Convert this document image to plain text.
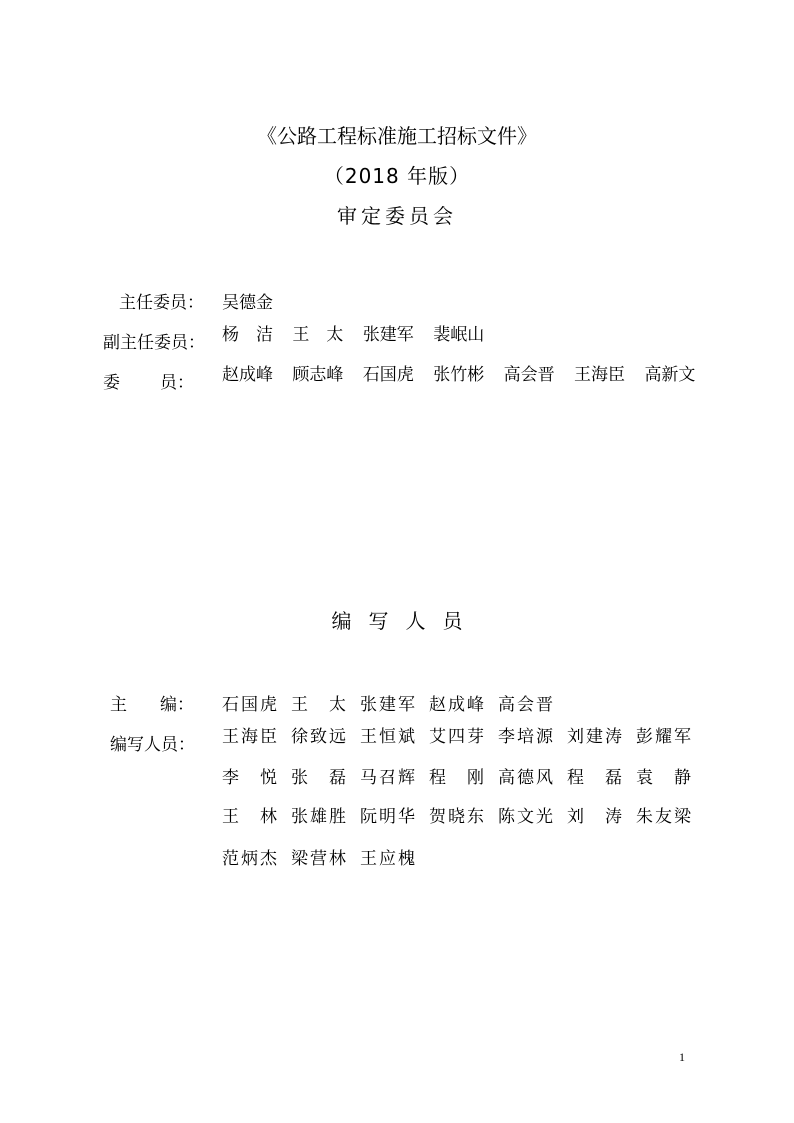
《公路工程标准施工招标文件》
（2018 年版）
审定委员会
主任委员： 吴德金
副主任委员： 杨　洁 王　太 张建军 裴岷山
委 员： 赵成峰 顾志峰 石国虎 张竹彬 高会晋 王海臣 高新文
编写人员
主 编： 石国虎 王　太 张建军 赵成峰 高会晋
编写人员： 王海臣 徐致远 王恒斌 艾四芽 李培源 刘建涛 彭耀军
李　悦 张　磊 马召辉 程　刚 高德风 程　磊 袁　静
王　林 张雄胜 阮明华 贺晓东 陈文光 刘　涛 朱友梁
范炳杰 梁营林 王应槐
1
